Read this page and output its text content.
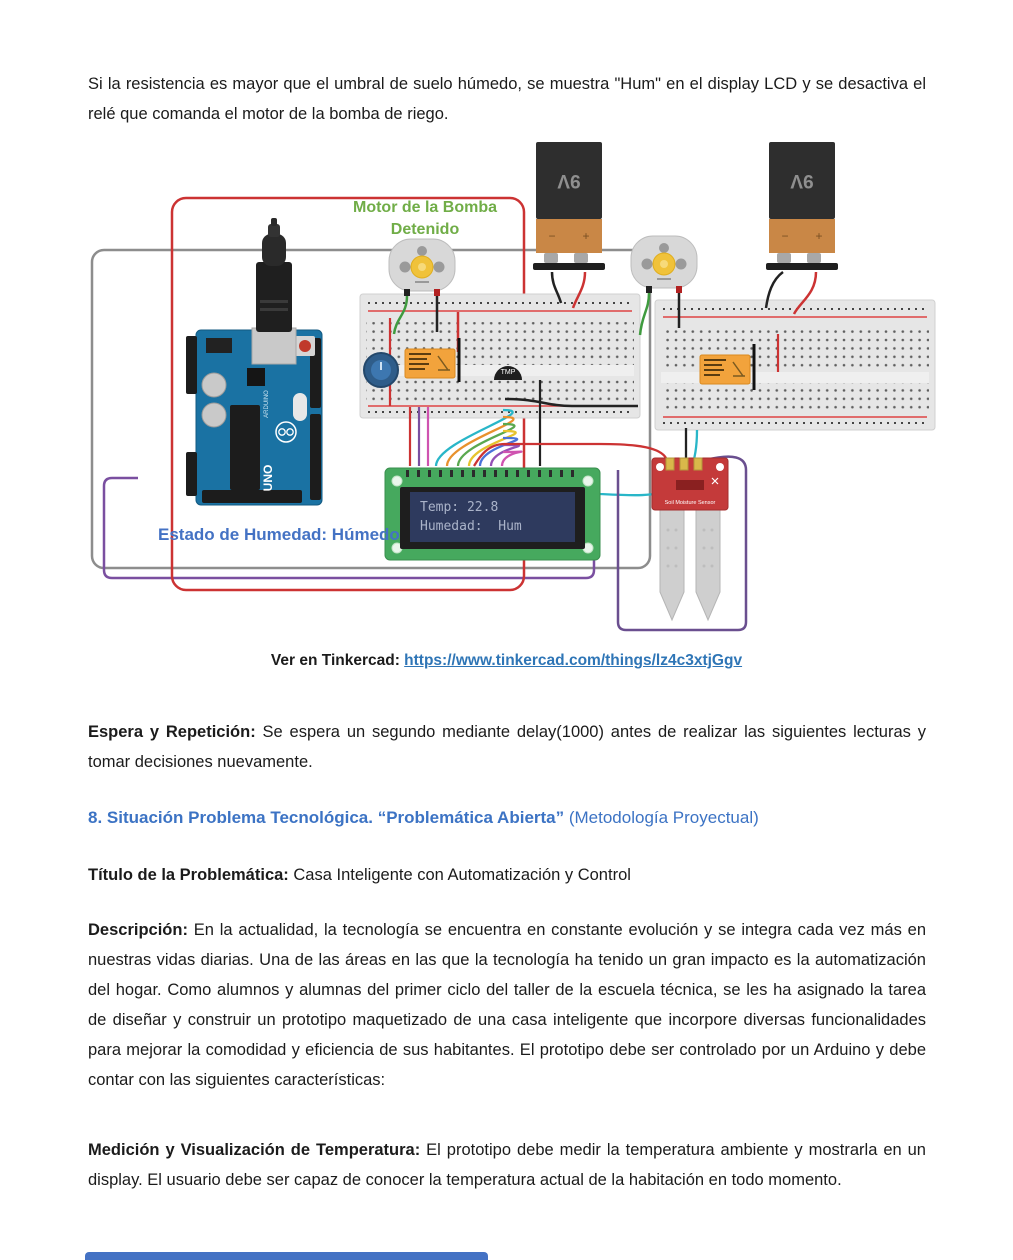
Si la resistencia es mayor que el umbral de suelo húmedo, se muestra "Hum" en el display LCD y se desactiva el relé que comanda el motor de la bomba de riego.

TMP
9V
− +
9V
− +
UNO
ARDUINO
Temp: 22.8
Humedad:  Hum
Soil Moisture Sensor
Motor de la Bomba
Detenido
Estado de Humedad: Húmedo
Ver en Tinkercad: https://www.tinkercad.com/things/lz4c3xtjGgv

Espera y Repetición: Se espera un segundo mediante delay(1000) antes de realizar las siguientes lecturas y tomar decisiones nuevamente.

8. Situación Problema Tecnológica. “Problemática Abierta” (Metodología Proyectual)

Título de la Problemática: Casa Inteligente con Automatización y Control

Descripción: En la actualidad, la tecnología se encuentra en constante evolución y se integra cada vez más en nuestras vidas diarias. Una de las áreas en las que la tecnología ha tenido un gran impacto es la automatización del hogar. Como alumnos y alumnas del primer ciclo del taller de la escuela técnica, se les ha asignado la tarea de diseñar y construir un prototipo maquetizado de una casa inteligente que incorpore diversas funcionalidades para mejorar la comodidad y eficiencia de sus habitantes. El prototipo debe ser controlado por un Arduino y debe contar con las siguientes características:

Medición y Visualización de Temperatura: El prototipo debe medir la temperatura ambiente y mostrarla en un display. El usuario debe ser capaz de conocer la temperatura actual de la habitación en todo momento.
